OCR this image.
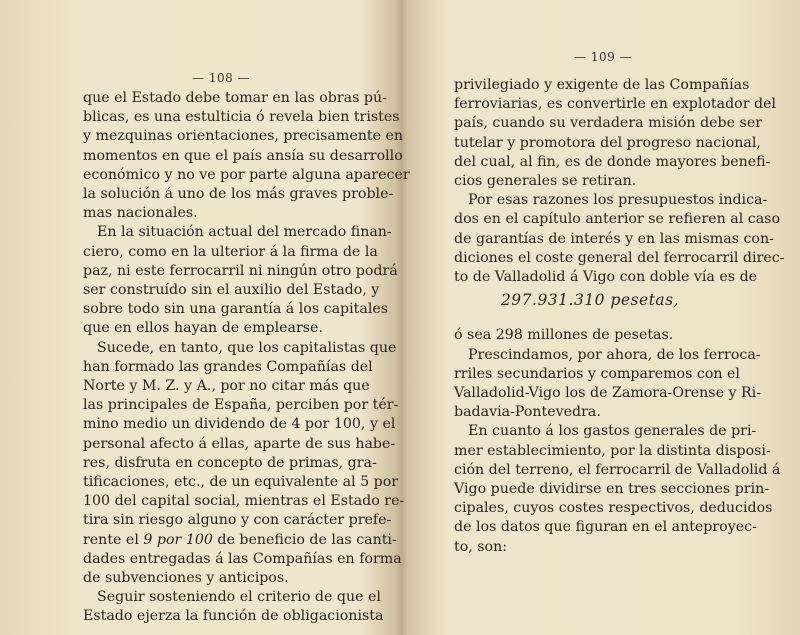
— 108 —
que el Estado debe tomar en las obras pú-
blicas, es una estulticia ó revela bien tristes
y mezquinas orientaciones, precisamente en
momentos en que el país ansía su desarrollo
económico y no ve por parte alguna aparecer
la solución á uno de los más graves proble-
mas nacionales.
En la situación actual del mercado finan-
ciero, como en la ulterior á la firma de la
paz, ni este ferrocarril ni ningún otro podrá
ser construído sin el auxilio del Estado, y
sobre todo sin una garantía á los capitales
que en ellos hayan de emplearse.
Sucede, en tanto, que los capitalistas que
han formado las grandes Compañías del
Norte y M. Z. y A., por no citar más que
las principales de España, perciben por tér-
mino medio un dividendo de 4 por 100, y el
personal afecto á ellas, aparte de sus habe-
res, disfruta en concepto de primas, gra-
tificaciones, etc., de un equivalente al 5 por
100 del capital social, mientras el Estado re-
tira sin riesgo alguno y con carácter prefe-
rente el 9 por 100 de beneficio de las canti-
dades entregadas á las Compañías en forma
de subvenciones y anticipos.
Seguir sosteniendo el criterio de que el
Estado ejerza la función de obligacionista
— 109 —
privilegiado y exigente de las Compañías
ferroviarias, es convertirle en explotador del
país, cuando su verdadera misión debe ser
tutelar y promotora del progreso nacional,
del cual, al fin, es de donde mayores benefi-
cios generales se retiran.
Por esas razones los presupuestos indica-
dos en el capítulo anterior se refieren al caso
de garantías de interés y en las mismas con-
diciones el coste general del ferrocarril direc-
to de Valladolid á Vigo con doble vía es de
297.931.310 pesetas,
ó sea 298 millones de pesetas.
Prescindamos, por ahora, de los ferroca-
rriles secundarios y comparemos con el
Valladolid-Vigo los de Zamora-Orense y Ri-
badavia-Pontevedra.
En cuanto á los gastos generales de pri-
mer establecimiento, por la distinta disposi-
ción del terreno, el ferrocarril de Valladolid á
Vigo puede dividirse en tres secciones prin-
cipales, cuyos costes respectivos, deducidos
de los datos que figuran en el anteproyec-
to, son:
